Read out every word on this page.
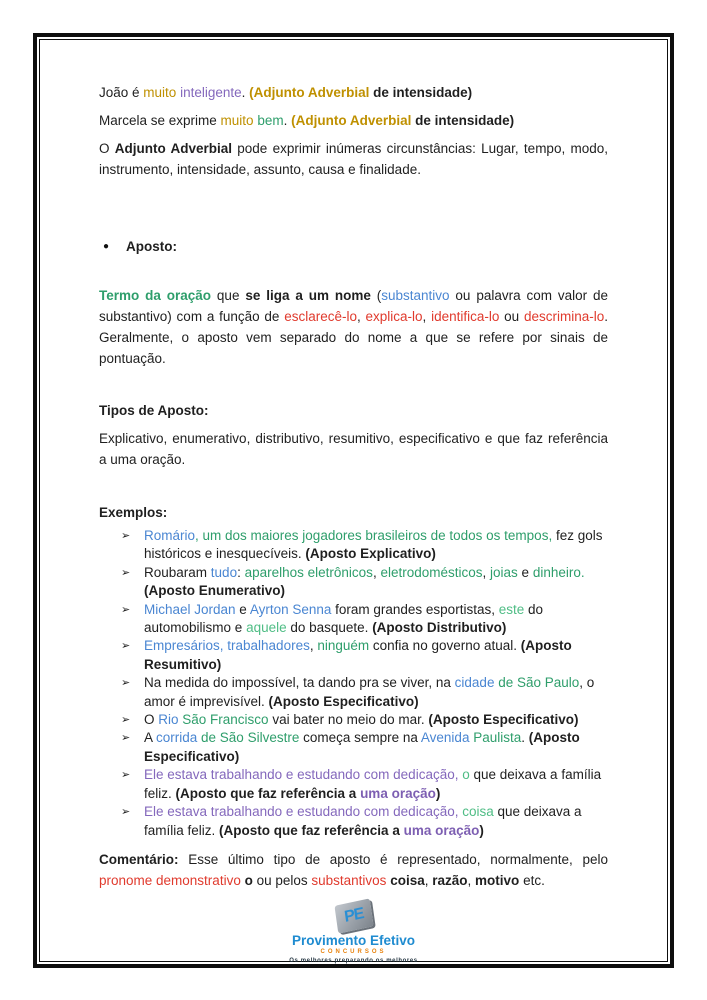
João é muito inteligente. (Adjunto Adverbial de intensidade)

Marcela se exprime muito bem. (Adjunto Adverbial de intensidade)

O Adjunto Adverbial pode exprimir inúmeras circunstâncias: Lugar, tempo, modo, instrumento, intensidade, assunto, causa e finalidade.

●	Aposto:

Termo da oração que se liga a um nome (substantivo ou palavra com valor de substantivo) com a função de esclarecê-lo, explica-lo, identifica-lo ou descrimina-lo. Geralmente, o aposto vem separado do nome a que se refere por sinais de pontuação.

Tipos de Aposto:

Explicativo, enumerativo, distributivo, resumitivo, especificativo e que faz referência a uma oração.

Exemplos:

➢	Romário, um dos maiores jogadores brasileiros de todos os tempos, fez gols históricos e inesquecíveis. (Aposto Explicativo)
➢	Roubaram tudo: aparelhos eletrônicos, eletrodomésticos, joias e dinheiro. (Aposto Enumerativo)
➢	Michael Jordan e Ayrton Senna foram grandes esportistas, este do automobilismo e aquele do basquete. (Aposto Distributivo)
➢	Empresários, trabalhadores, ninguém confia no governo atual. (Aposto Resumitivo)
➢	Na medida do impossível, ta dando pra se viver, na cidade de São Paulo, o amor é imprevisível. (Aposto Especificativo)
➢	O Rio São Francisco vai bater no meio do mar. (Aposto Especificativo)
➢	A corrida de São Silvestre começa sempre na Avenida Paulista. (Aposto Especificativo)
➢	Ele estava trabalhando e estudando com dedicação, o que deixava a família feliz. (Aposto que faz referência a uma oração)
➢	Ele estava trabalhando e estudando com dedicação, coisa que deixava a família feliz. (Aposto que faz referência a uma oração)

Comentário: Esse último tipo de aposto é representado, normalmente, pelo pronome demonstrativo o ou pelos substantivos coisa, razão, motivo etc.

PE
Provimento Efetivo
CONCURSOS
Os melhores preparando os melhores
